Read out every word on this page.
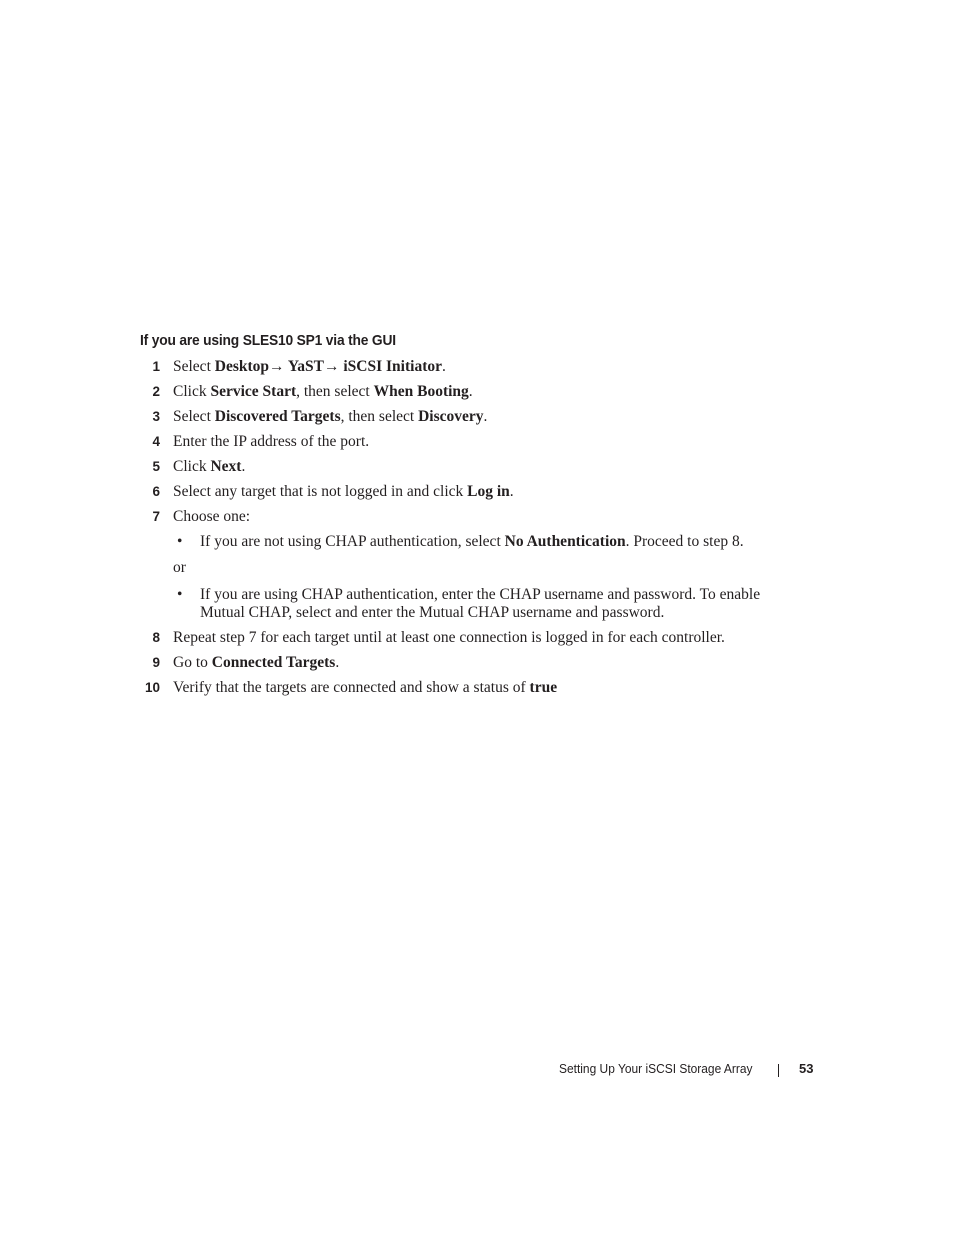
If you are using SLES10 SP1 via the GUI
1 Select Desktop→ YaST→ iSCSI Initiator.
2 Click Service Start, then select When Booting.
3 Select Discovered Targets, then select Discovery.
4 Enter the IP address of the port.
5 Click Next.
6 Select any target that is not logged in and click Log in.
7 Choose one:
• If you are not using CHAP authentication, select No Authentication. Proceed to step 8.
or
• If you are using CHAP authentication, enter the CHAP username and password. To enable Mutual CHAP, select and enter the Mutual CHAP username and password.
8 Repeat step 7 for each target until at least one connection is logged in for each controller.
9 Go to Connected Targets.
10 Verify that the targets are connected and show a status of true
Setting Up Your iSCSI Storage Array	53
